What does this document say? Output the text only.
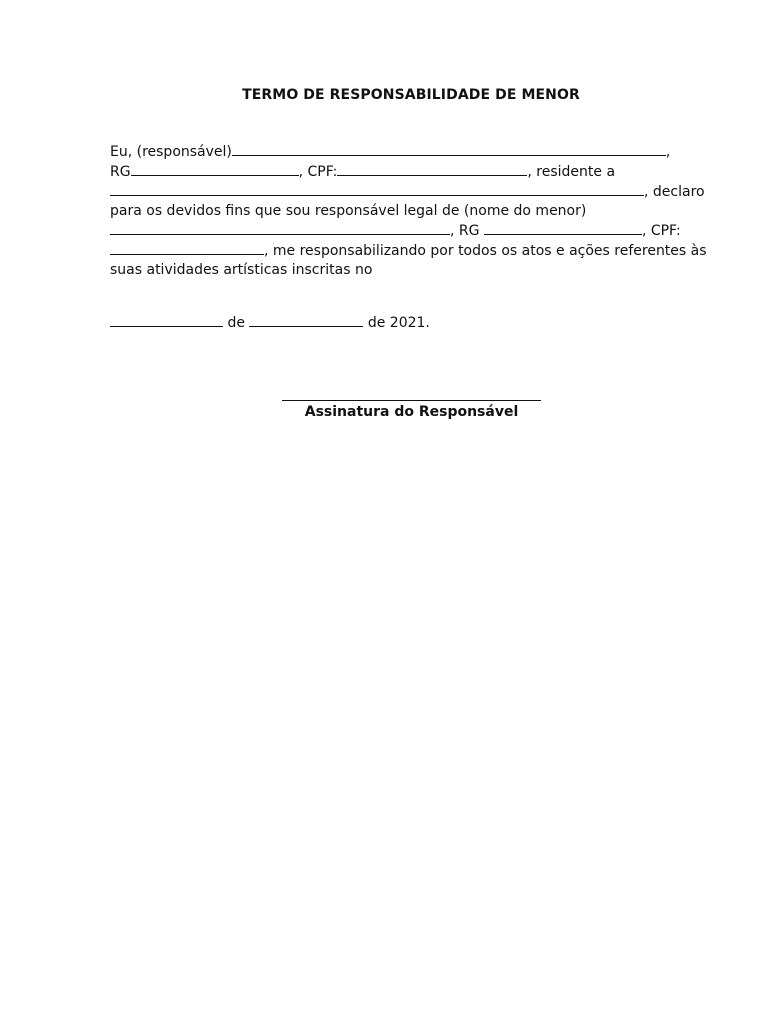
TERMO DE RESPONSABILIDADE DE MENOR
Eu, (responsável)	,
RG	, CPF:	, residente a
, declaro
para os devidos fins que sou responsável legal de (nome do menor)
, RG	, CPF:
, me responsabilizando por todos os atos e ações referentes às
suas atividades artísticas inscritas no
de	de 2021.
Assinatura do Responsável
